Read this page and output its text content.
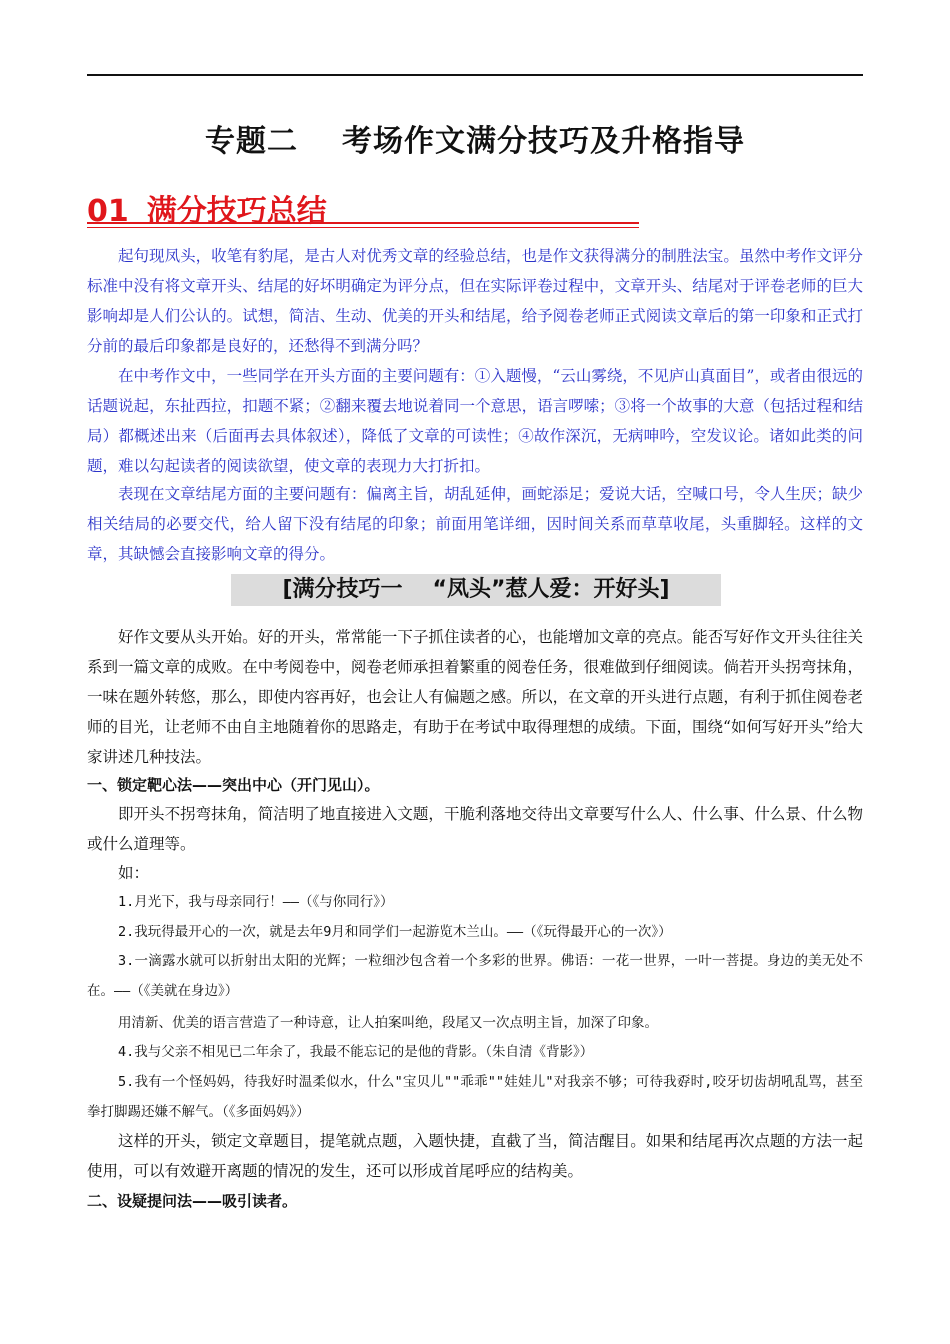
专题二 考场作文满分技巧及升格指导
01 满分技巧总结

起句现凤头，收笔有豹尾，是古人对优秀文章的经验总结，也是作文获得满分的制胜法宝。虽然中考作文评分标准中没有将文章开头、结尾的好坏明确定为评分点，但在实际评卷过程中，文章开头、结尾对于评卷老师的巨大影响却是人们公认的。试想，简洁、生动、优美的开头和结尾，给予阅卷老师正式阅读文章后的第一印象和正式打分前的最后印象都是良好的，还愁得不到满分吗？

在中考作文中，一些同学在开头方面的主要问题有：①入题慢，“云山雾绕，不见庐山真面目”，或者由很远的话题说起，东扯西拉，扣题不紧；②翻来覆去地说着同一个意思，语言啰嗦；③将一个故事的大意（包括过程和结局）都概述出来（后面再去具体叙述），降低了文章的可读性；④故作深沉，无病呻吟，空发议论。诸如此类的问题，难以勾起读者的阅读欲望，使文章的表现力大打折扣。

表现在文章结尾方面的主要问题有：偏离主旨，胡乱延伸，画蛇添足；爱说大话，空喊口号，令人生厌；缺少相关结局的必要交代，给人留下没有结尾的印象；前面用笔详细，因时间关系而草草收尾，头重脚轻。这样的文章，其缺憾会直接影响文章的得分。

[满分技巧一 “凤头”惹人爱：开好头]

好作文要从头开始。好的开头，常常能一下子抓住读者的心，也能增加文章的亮点。能否写好作文开头往往关系到一篇文章的成败。在中考阅卷中，阅卷老师承担着繁重的阅卷任务，很难做到仔细阅读。倘若开头拐弯抹角，一味在题外转悠，那么，即使内容再好，也会让人有偏题之感。所以，在文章的开头进行点题，有利于抓住阅卷老师的目光，让老师不由自主地随着你的思路走，有助于在考试中取得理想的成绩。下面，围绕“如何写好开头”给大家讲述几种技法。

一、锁定靶心法——突出中心（开门见山）。

即开头不拐弯抹角，简洁明了地直接进入文题，干脆利落地交待出文章要写什么人、什么事、什么景、什么物或什么道理等。

如：

1.月光下，我与母亲同行！——（《与你同行》）

2.我玩得最开心的一次，就是去年9月和同学们一起游览木兰山。——（《玩得最开心的一次》）

3.一滴露水就可以折射出太阳的光辉；一粒细沙包含着一个多彩的世界。佛语：一花一世界，一叶一菩提。身边的美无处不在。——（《美就在身边》）

用清新、优美的语言营造了一种诗意，让人拍案叫绝，段尾又一次点明主旨，加深了印象。

4.我与父亲不相见已二年余了，我最不能忘记的是他的背影。（朱自清《背影》）

5.我有一个怪妈妈，待我好时温柔似水，什么"宝贝儿""乖乖""娃娃儿"对我亲不够；可待我孬时,咬牙切齿胡吼乱骂，甚至拳打脚踢还嫌不解气。（《多面妈妈》）

这样的开头，锁定文章题目，提笔就点题，入题快捷，直截了当，简洁醒目。如果和结尾再次点题的方法一起使用，可以有效避开离题的情况的发生，还可以形成首尾呼应的结构美。

二、设疑提问法——吸引读者。
